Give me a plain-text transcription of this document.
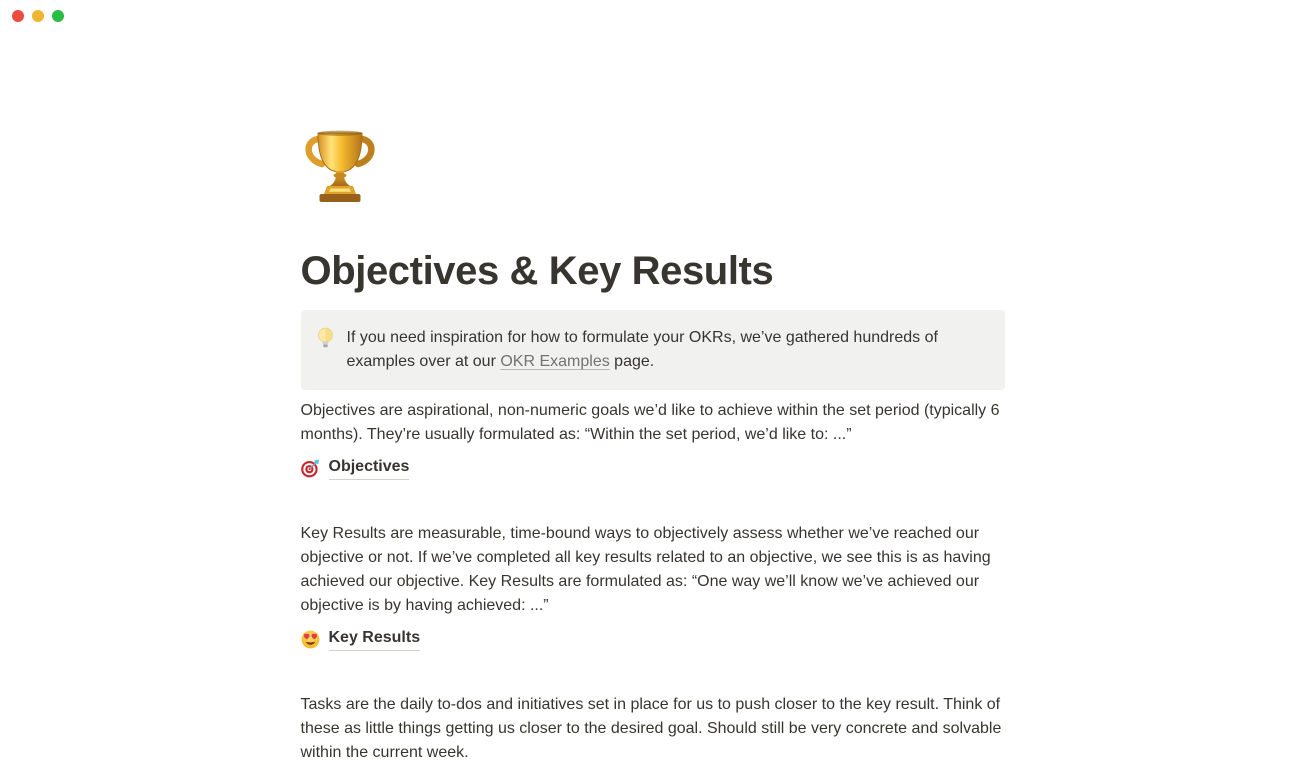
Objectives & Key Results

If you need inspiration for how to formulate your OKRs, we’ve gathered hundreds of examples over at our OKR Examples page.

Objectives are aspirational, non-numeric goals we’d like to achieve within the set period (typically 6 months). They’re usually formulated as: “Within the set period, we’d like to: ...”

Objectives

Key Results are measurable, time-bound ways to objectively assess whether we’ve reached our objective or not. If we’ve completed all key results related to an objective, we see this is as having achieved our objective. Key Results are formulated as: “One way we’ll know we’ve achieved our objective is by having achieved: ...”

Key Results

Tasks are the daily to-dos and initiatives set in place for us to push closer to the key result. Think of these as little things getting us closer to the desired goal. Should still be very concrete and solvable within the current week.
